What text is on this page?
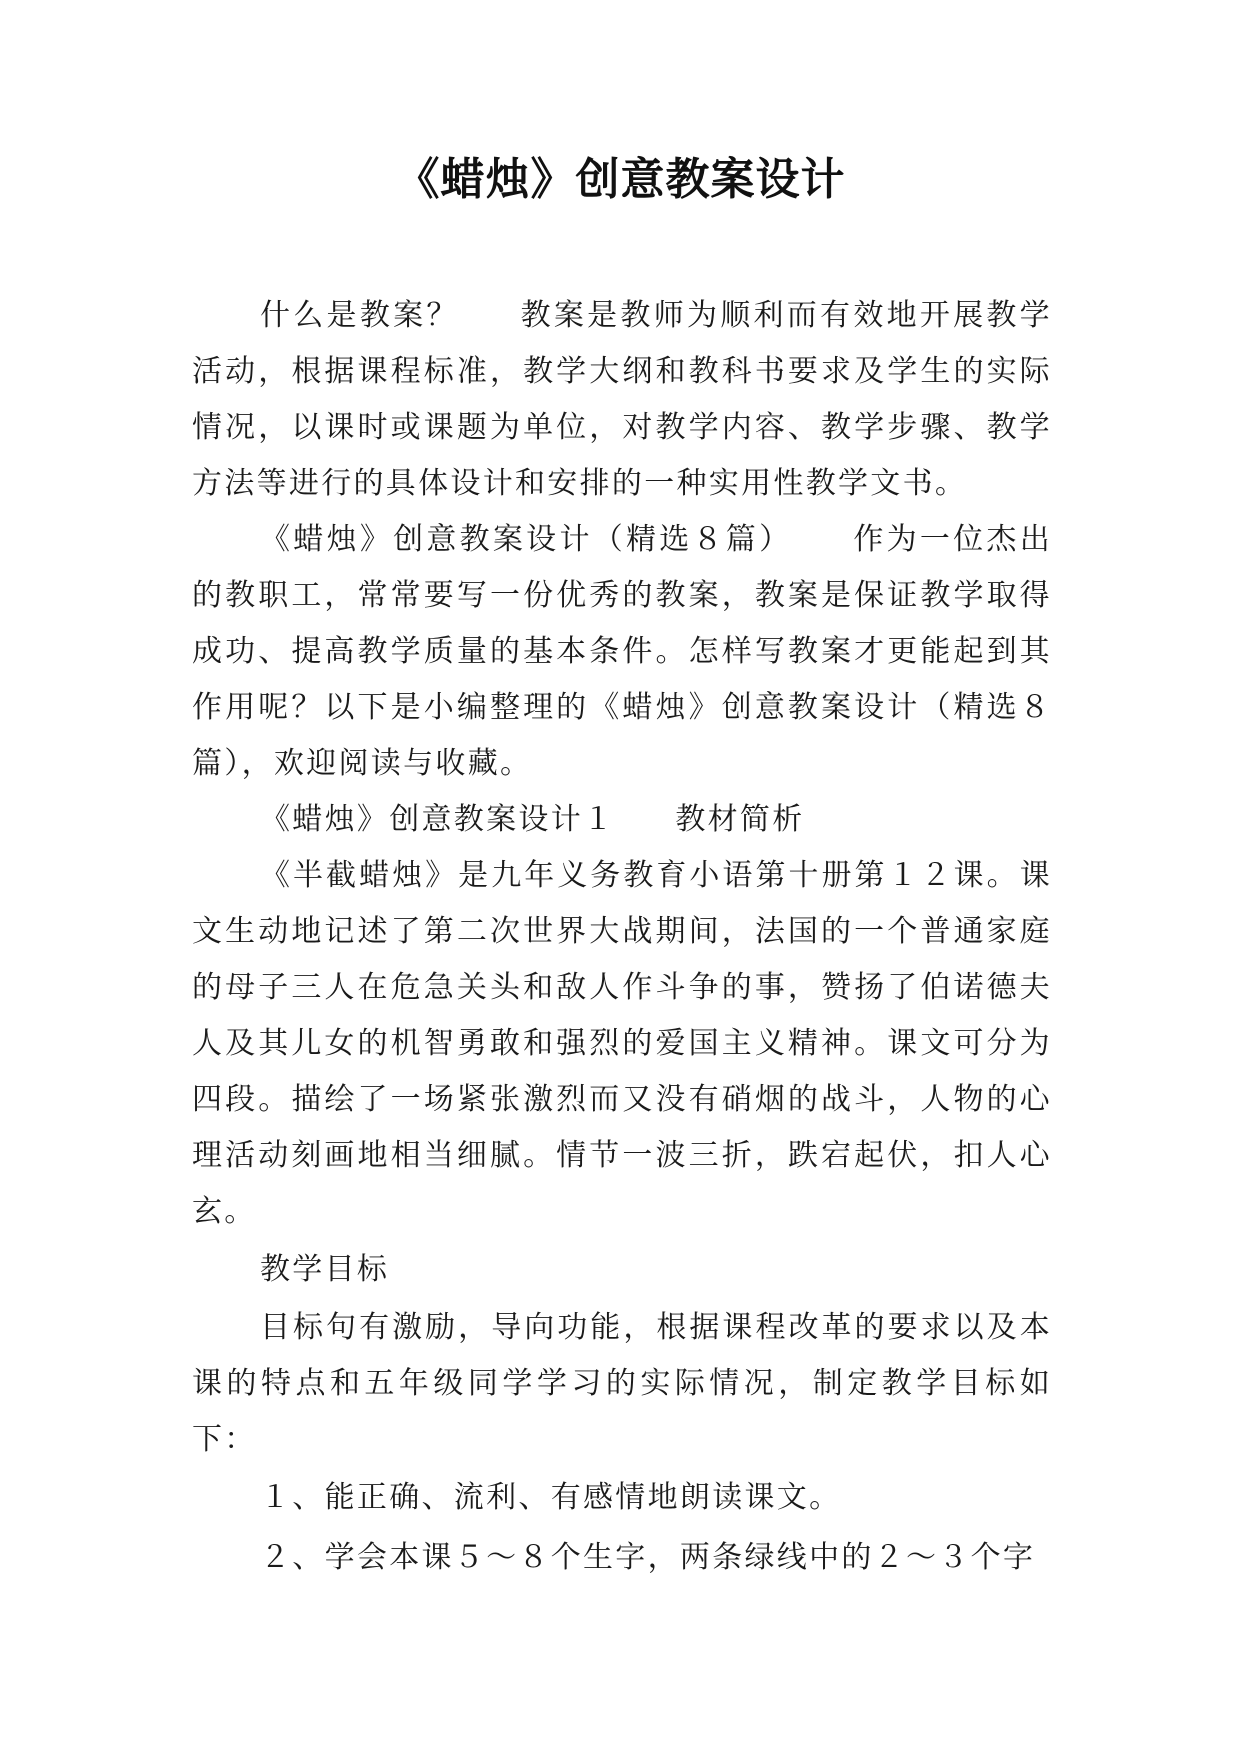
《蜡烛》创意教案设计

什么是教案？ 教案是教师为顺利而有效地开展教学活动，根据课程标准，教学大纲和教科书要求及学生的实际情况，以课时或课题为单位，对教学内容、教学步骤、教学方法等进行的具体设计和安排的一种实用性教学文书。

《蜡烛》创意教案设计（精选８篇） 作为一位杰出的教职工，常常要写一份优秀的教案，教案是保证教学取得成功、提高教学质量的基本条件。怎样写教案才更能起到其作用呢？以下是小编整理的《蜡烛》创意教案设计（精选８篇），欢迎阅读与收藏。

《蜡烛》创意教案设计１ 教材简析

《半截蜡烛》是九年义务教育小语第十册第１２课。课文生动地记述了第二次世界大战期间，法国的一个普通家庭的母子三人在危急关头和敌人作斗争的事，赞扬了伯诺德夫人及其儿女的机智勇敢和强烈的爱国主义精神。课文可分为四段。描绘了一场紧张激烈而又没有硝烟的战斗，人物的心理活动刻画地相当细腻。情节一波三折，跌宕起伏，扣人心玄。

教学目标

目标句有激励，导向功能，根据课程改革的要求以及本课的特点和五年级同学学习的实际情况，制定教学目标如下：

１、能正确、流利、有感情地朗读课文。

２、学会本课５～８个生字，两条绿线中的２～３个字
